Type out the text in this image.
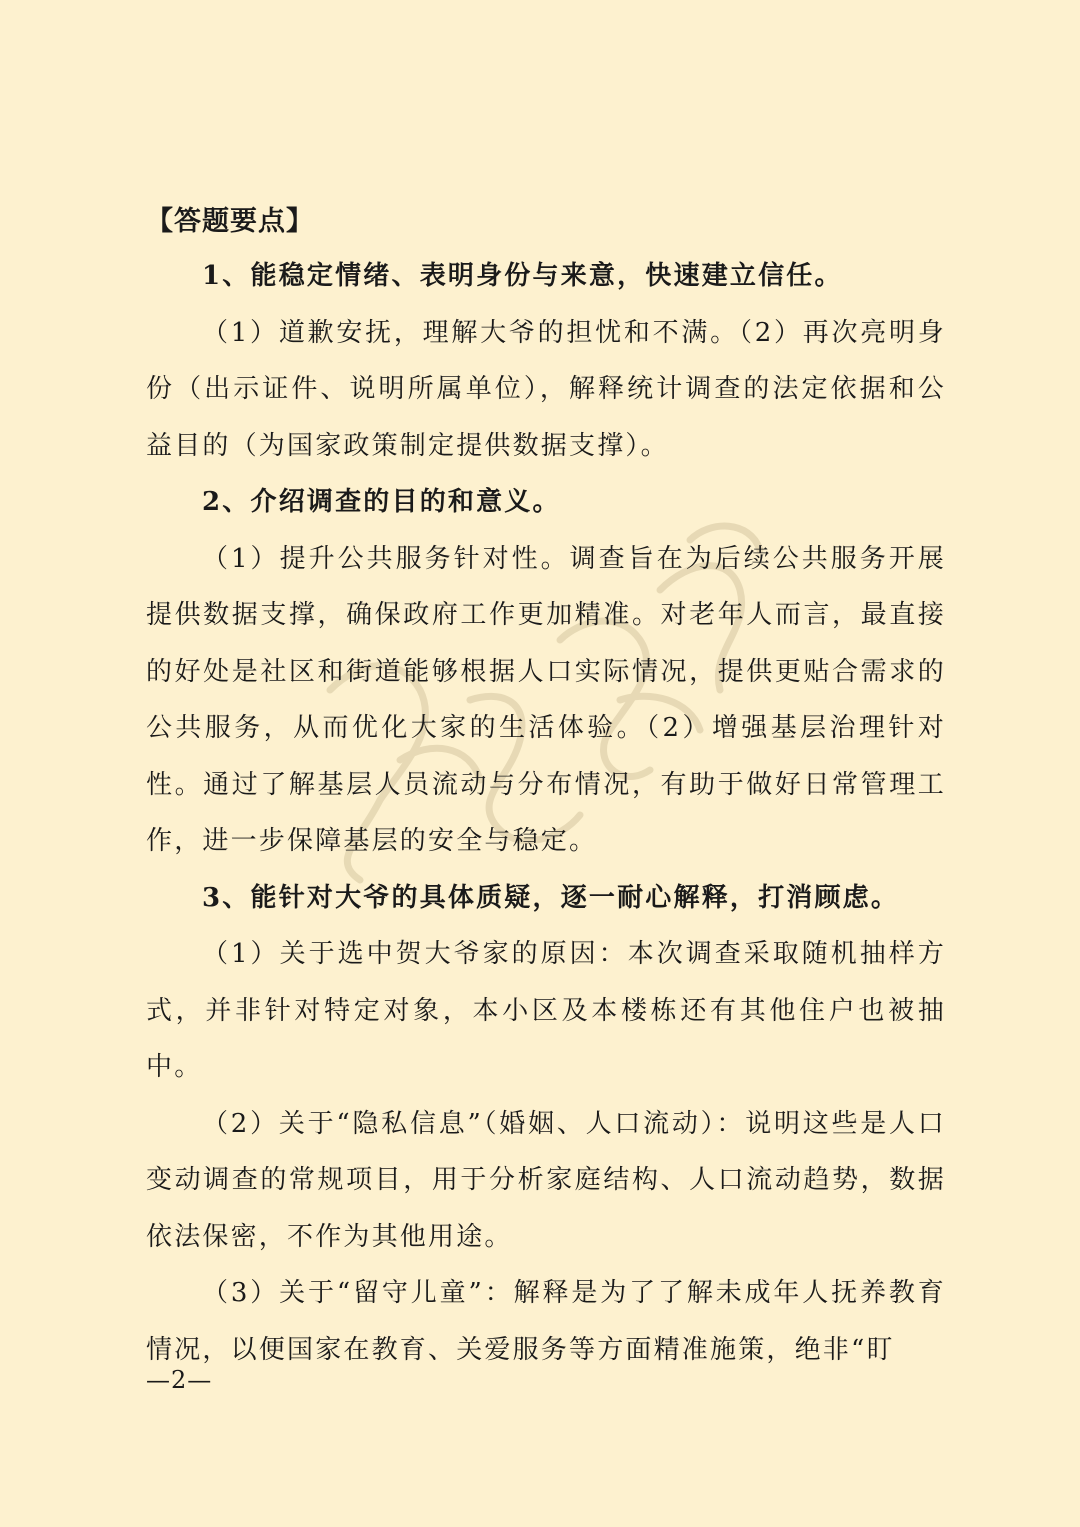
【答题要点】

1、能稳定情绪、表明身份与来意，快速建立信任。

（1）道歉安抚，理解大爷的担忧和不满。（2）再次亮明身份（出示证件、说明所属单位），解释统计调查的法定依据和公益目的（为国家政策制定提供数据支撑）。

2、介绍调查的目的和意义。

（1）提升公共服务针对性。调查旨在为后续公共服务开展提供数据支撑，确保政府工作更加精准。对老年人而言，最直接的好处是社区和街道能够根据人口实际情况，提供更贴合需求的公共服务，从而优化大家的生活体验。（2）增强基层治理针对性。通过了解基层人员流动与分布情况，有助于做好日常管理工作，进一步保障基层的安全与稳定。

3、能针对大爷的具体质疑，逐一耐心解释，打消顾虑。

（1）关于选中贺大爷家的原因：本次调查采取随机抽样方式，并非针对特定对象，本小区及本楼栋还有其他住户也被抽中。

（2）关于“隐私信息”（婚姻、人口流动）：说明这些是人口变动调查的常规项目，用于分析家庭结构、人口流动趋势，数据依法保密，不作为其他用途。

（3）关于“留守儿童”：解释是为了了解未成年人抚养教育情况，以便国家在教育、关爱服务等方面精准施策，绝非“盯

—2—
